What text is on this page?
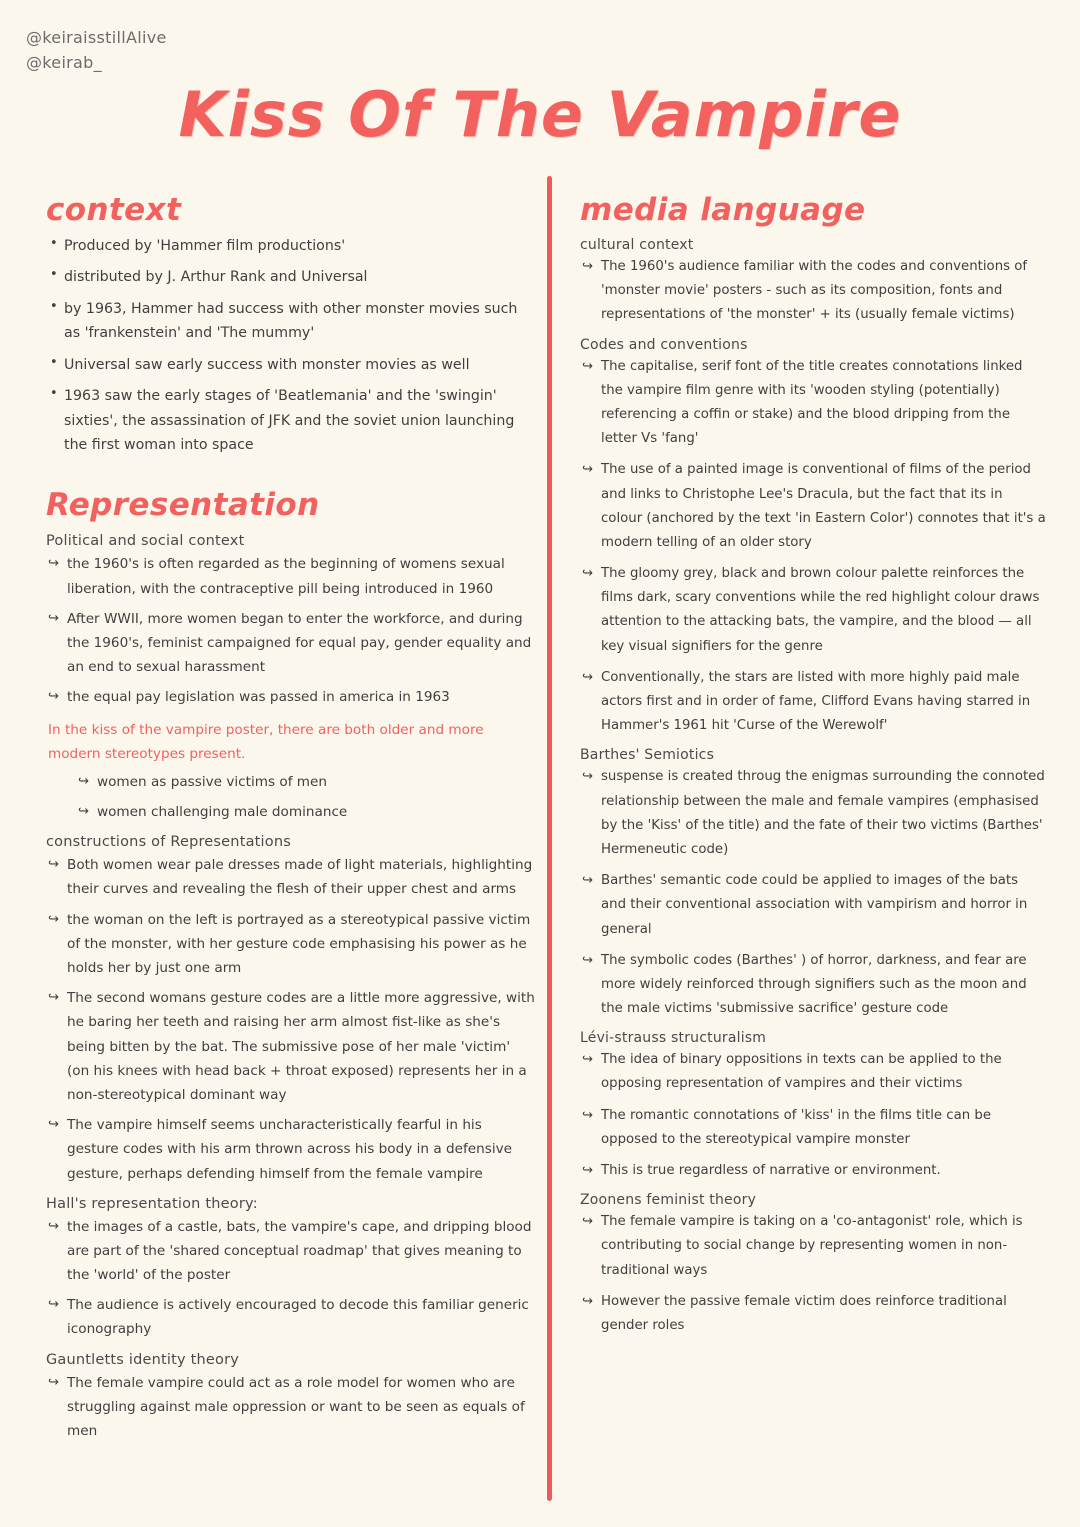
@keiraisstillAlive
@keirab_
Kiss Of The Vampire
context
• Produced by 'Hammer film productions'
• distributed by J. Arthur Rank and Universal
• by 1963, Hammer had success with other monster movies such as 'frankenstein' and 'The mummy'
• Universal saw early success with monster movies as well
• 1963 saw the early stages of 'Beatlemania' and the 'swingin' sixties', the assassination of JFK and the soviet union launching the first woman into space
Representation
Political and social context
↪ the 1960's is often regarded as the beginning of womens sexual liberation, with the contraceptive pill being introduced in 1960
↪ After WWII, more women began to enter the workforce, and during the 1960's, feminist campaigned for equal pay, gender equality and an end to sexual harassment
↪ the equal pay legislation was passed in america in 1963
In the kiss of the vampire poster, there are both older and more modern stereotypes present.
↪ women as passive victims of men
↪ women challenging male dominance
constructions of Representations
↪ Both women wear pale dresses made of light materials, highlighting their curves and revealing the flesh of their upper chest and arms
↪ the woman on the left is portrayed as a stereotypical passive victim of the monster, with her gesture code emphasising his power as he holds her by just one arm
↪ The second womans gesture codes are a little more aggressive, with he baring her teeth and raising her arm almost fist-like as she's being bitten by the bat. The submissive pose of her male 'victim' (on his knees with head back + throat exposed) represents her in a non-stereotypical dominant way
↪ The vampire himself seems uncharacteristically fearful in his gesture codes with his arm thrown across his body in a defensive gesture, perhaps defending himself from the female vampire
Hall's representation theory:
↪ the images of a castle, bats, the vampire's cape, and dripping blood are part of the 'shared conceptual roadmap' that gives meaning to the 'world' of the poster
↪ The audience is actively encouraged to decode this familiar generic iconography
Gauntletts identity theory
↪ The female vampire could act as a role model for women who are struggling against male oppression or want to be seen as equals of men
media language
cultural context
↪ The 1960's audience familiar with the codes and conventions of 'monster movie' posters - such as its composition, fonts and representations of 'the monster' + its (usually female victims)
Codes and conventions
↪ The capitalise, serif font of the title creates connotations linked the vampire film genre with its 'wooden styling (potentially) referencing a coffin or stake) and the blood dripping from the letter Vs 'fang'
↪ The use of a painted image is conventional of films of the period and links to Christophe Lee's Dracula, but the fact that its in colour (anchored by the text 'in Eastern Color') connotes that it's a modern telling of an older story
↪ The gloomy grey, black and brown colour palette reinforces the films dark, scary conventions while the red highlight colour draws attention to the attacking bats, the vampire, and the blood — all key visual signifiers for the genre
↪ Conventionally, the stars are listed with more highly paid male actors first and in order of fame, Clifford Evans having starred in Hammer's 1961 hit 'Curse of the Werewolf'
Barthes' Semiotics
↪ suspense is created throug the enigmas surrounding the connoted relationship between the male and female vampires (emphasised by the 'Kiss' of the title) and the fate of their two victims (Barthes' Hermeneutic code)
↪ Barthes' semantic code could be applied to images of the bats and their conventional association with vampirism and horror in general
↪ The symbolic codes (Barthes' ) of horror, darkness, and fear are more widely reinforced through signifiers such as the moon and the male victims 'submissive sacrifice' gesture code
Lévi-strauss structuralism
↪ The idea of binary oppositions in texts can be applied to the opposing representation of vampires and their victims
↪ The romantic connotations of 'kiss' in the films title can be opposed to the stereotypical vampire monster
↪ This is true regardless of narrative or environment.
Zoonens feminist theory
↪ The female vampire is taking on a 'co-antagonist' role, which is contributing to social change by representing women in non-traditional ways
↪ However the passive female victim does reinforce traditional gender roles
